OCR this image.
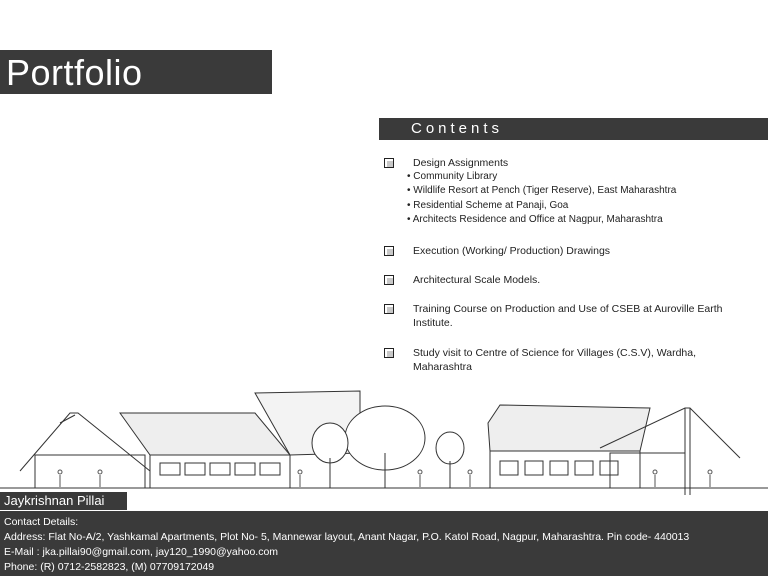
Portfolio
Contents
Design Assignments
• Community Library
• Wildlife Resort at Pench (Tiger Reserve), East Maharashtra
• Residential Scheme at Panaji, Goa
• Architects Residence and Office at Nagpur, Maharashtra
Execution (Working/ Production) Drawings
Architectural Scale Models.
Training Course on Production and Use of CSEB at Auroville Earth
Institute.
Study visit to Centre of Science for Villages (C.S.V), Wardha,
Maharashtra
Jaykrishnan Pillai
Contact Details:
Address: Flat No-A/2, Yashkamal Apartments, Plot No- 5, Mannewar layout, Anant Nagar, P.O. Katol Road, Nagpur, Maharashtra. Pin code- 440013
E-Mail : jka.pillai90@gmail.com, jay120_1990@yahoo.com
Phone: (R) 0712-2582823, (M) 07709172049
